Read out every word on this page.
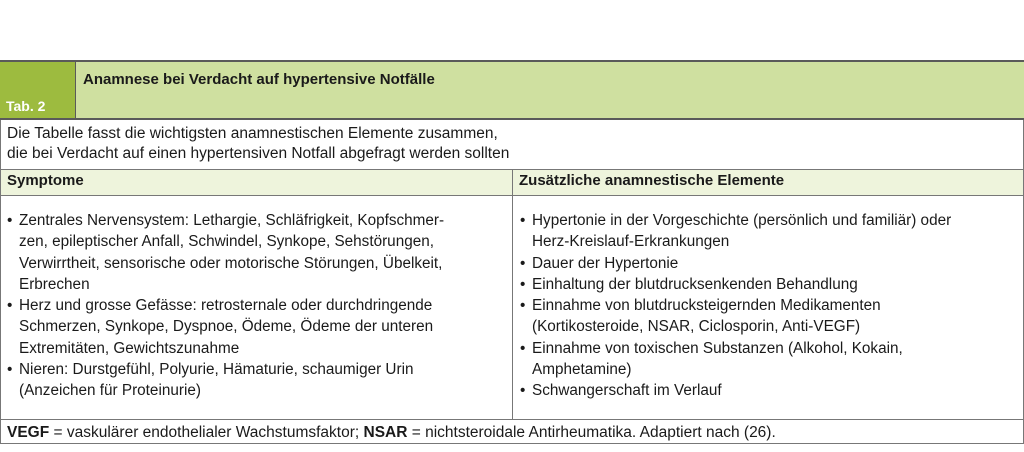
Tab. 2
Anamnese bei Verdacht auf hypertensive Notfälle
Die Tabelle fasst die wichtigsten anamnestischen Elemente zusammen,
die bei Verdacht auf einen hypertensiven Notfall abgefragt werden sollten
Symptome	Zusätzliche anamnestische Elemente
• Zentrales Nervensystem: Lethargie, Schläfrigkeit, Kopfschmer-
zen, epileptischer Anfall, Schwindel, Synkope, Sehstörungen,
Verwirrtheit, sensorische oder motorische Störungen, Übelkeit,
Erbrechen
• Herz und grosse Gefässe: retrosternale oder durchdringende
Schmerzen, Synkope, Dyspnoe, Ödeme, Ödeme der unteren
Extremitäten, Gewichtszunahme
• Nieren: Durstgefühl, Polyurie, Hämaturie, schaumiger Urin
(Anzeichen für Proteinurie)
• Hypertonie in der Vorgeschichte (persönlich und familiär) oder
Herz-Kreislauf-Erkrankungen
• Dauer der Hypertonie
• Einhaltung der blutdrucksenkenden Behandlung
• Einnahme von blutdrucksteigernden Medikamenten
(Kortikosteroide, NSAR, Ciclosporin, Anti-VEGF)
• Einnahme von toxischen Substanzen (Alkohol, Kokain,
Amphetamine)
• Schwangerschaft im Verlauf
VEGF = vaskulärer endothelialer Wachstumsfaktor; NSAR = nichtsteroidale Antirheumatika. Adaptiert nach (26).
